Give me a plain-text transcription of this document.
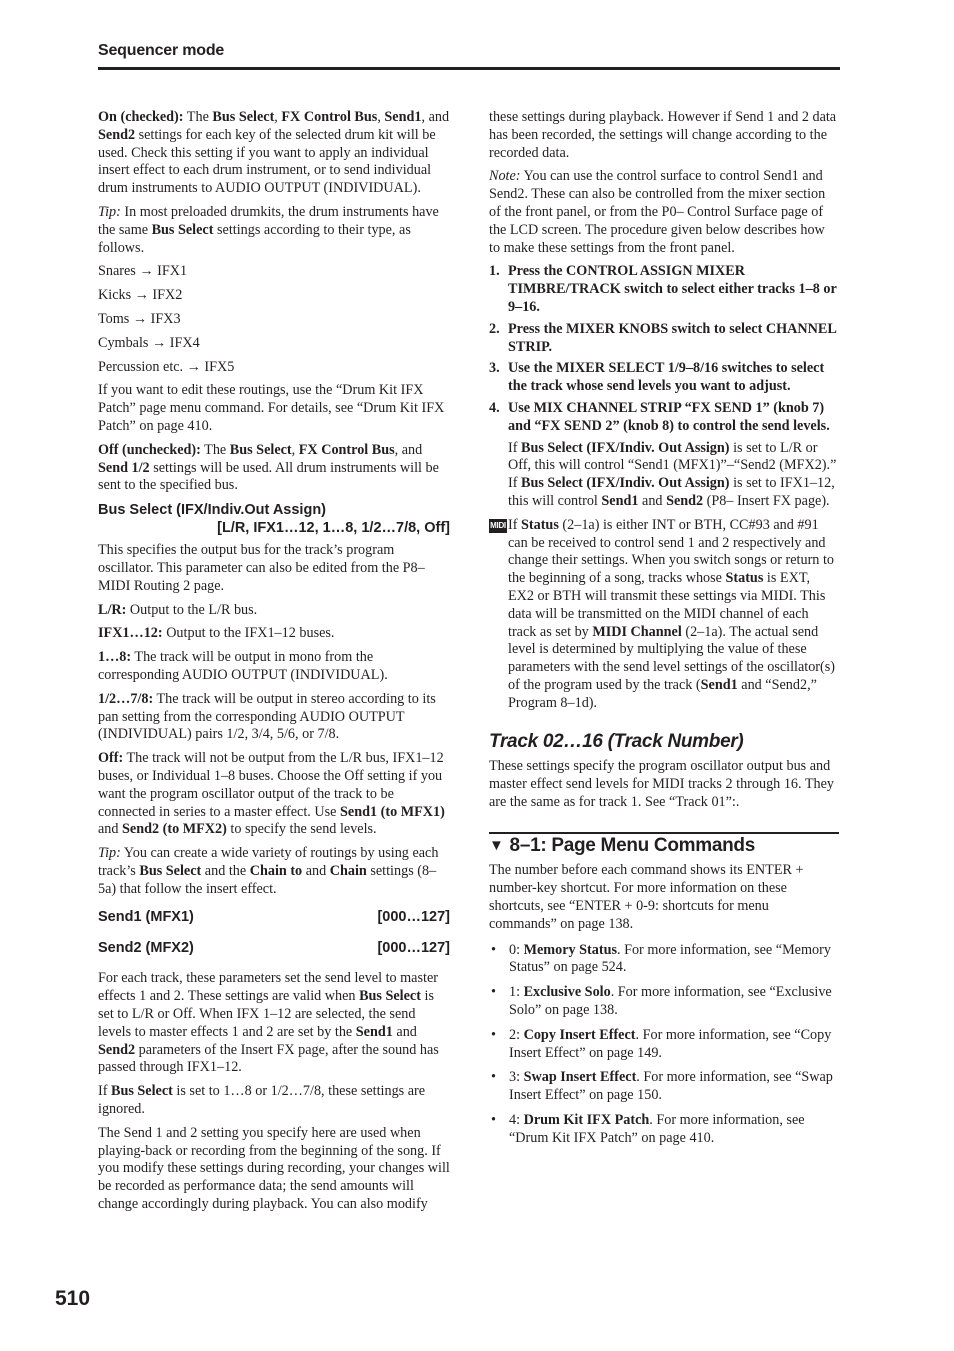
Sequencer mode

On (checked): The Bus Select, FX Control Bus, Send1, and Send2 settings for each key of the selected drum kit will be used. Check this setting if you want to apply an individual insert effect to each drum instrument, or to send individual drum instruments to AUDIO OUTPUT (INDIVIDUAL).

Tip: In most preloaded drumkits, the drum instruments have the same Bus Select settings according to their type, as follows.

Snares → IFX1

Kicks → IFX2

Toms → IFX3

Cymbals → IFX4

Percussion etc. → IFX5

If you want to edit these routings, use the “Drum Kit IFX Patch” page menu command. For details, see “Drum Kit IFX Patch” on page 410.

Off (unchecked): The Bus Select, FX Control Bus, and Send 1/2 settings will be used. All drum instruments will be sent to the specified bus.

Bus Select (IFX/Indiv.Out Assign)
[L/R, IFX1…12, 1…8, 1/2…7/8, Off]

This specifies the output bus for the track’s program oscillator. This parameter can also be edited from the P8– MIDI Routing 2 page.

L/R: Output to the L/R bus.

IFX1…12: Output to the IFX1–12 buses.

1…8: The track will be output in mono from the corresponding AUDIO OUTPUT (INDIVIDUAL).

1/2…7/8: The track will be output in stereo according to its pan setting from the corresponding AUDIO OUTPUT (INDIVIDUAL) pairs 1/2, 3/4, 5/6, or 7/8.

Off: The track will not be output from the L/R bus, IFX1–12 buses, or Individual 1–8 buses. Choose the Off setting if you want the program oscillator output of the track to be connected in series to a master effect. Use Send1 (to MFX1) and Send2 (to MFX2) to specify the send levels.

Tip: You can create a wide variety of routings by using each track’s Bus Select and the Chain to and Chain settings (8–5a) that follow the insert effect.

Send1 (MFX1)	[000…127]
Send2 (MFX2)	[000…127]

For each track, these parameters set the send level to master effects 1 and 2. These settings are valid when Bus Select is set to L/R or Off. When IFX 1–12 are selected, the send levels to master effects 1 and 2 are set by the Send1 and Send2 parameters of the Insert FX page, after the sound has passed through IFX1–12.

If Bus Select is set to 1…8 or 1/2…7/8, these settings are ignored.

The Send 1 and 2 setting you specify here are used when playing-back or recording from the beginning of the song. If you modify these settings during recording, your changes will be recorded as performance data; the send amounts will change accordingly during playback. You can also modify

these settings during playback. However if Send 1 and 2 data has been recorded, the settings will change according to the recorded data.

Note: You can use the control surface to control Send1 and Send2. These can also be controlled from the mixer section of the front panel, or from the P0– Control Surface page of the LCD screen. The procedure given below describes how to make these settings from the front panel.

1. Press the CONTROL ASSIGN MIXER TIMBRE/TRACK switch to select either tracks 1–8 or 9–16.
2. Press the MIXER KNOBS switch to select CHANNEL STRIP.
3. Use the MIXER SELECT 1/9–8/16 switches to select the track whose send levels you want to adjust.
4. Use MIX CHANNEL STRIP “FX SEND 1” (knob 7) and “FX SEND 2” (knob 8) to control the send levels.

If Bus Select (IFX/Indiv. Out Assign) is set to L/R or Off, this will control “Send1 (MFX1)”–“Send2 (MFX2).” If Bus Select (IFX/Indiv. Out Assign) is set to IFX1–12, this will control Send1 and Send2 (P8– Insert FX page).

MIDI If Status (2–1a) is either INT or BTH, CC#93 and #91 can be received to control send 1 and 2 respectively and change their settings. When you switch songs or return to the beginning of a song, tracks whose Status is EXT, EX2 or BTH will transmit these settings via MIDI. This data will be transmitted on the MIDI channel of each track as set by MIDI Channel (2–1a). The actual send level is determined by multiplying the value of these parameters with the send level settings of the oscillator(s) of the program used by the track (Send1 and “Send2,” Program 8–1d).

Track 02…16 (Track Number)

These settings specify the program oscillator output bus and master effect send levels for MIDI tracks 2 through 16. They are the same as for track 1. See “Track 01”:.

▼ 8–1: Page Menu Commands

The number before each command shows its ENTER + number-key shortcut. For more information on these shortcuts, see “ENTER + 0-9: shortcuts for menu commands” on page 138.

• 0: Memory Status. For more information, see “Memory Status” on page 524.
• 1: Exclusive Solo. For more information, see “Exclusive Solo” on page 138.
• 2: Copy Insert Effect. For more information, see “Copy Insert Effect” on page 149.
• 3: Swap Insert Effect. For more information, see “Swap Insert Effect” on page 150.
• 4: Drum Kit IFX Patch. For more information, see “Drum Kit IFX Patch” on page 410.
510
